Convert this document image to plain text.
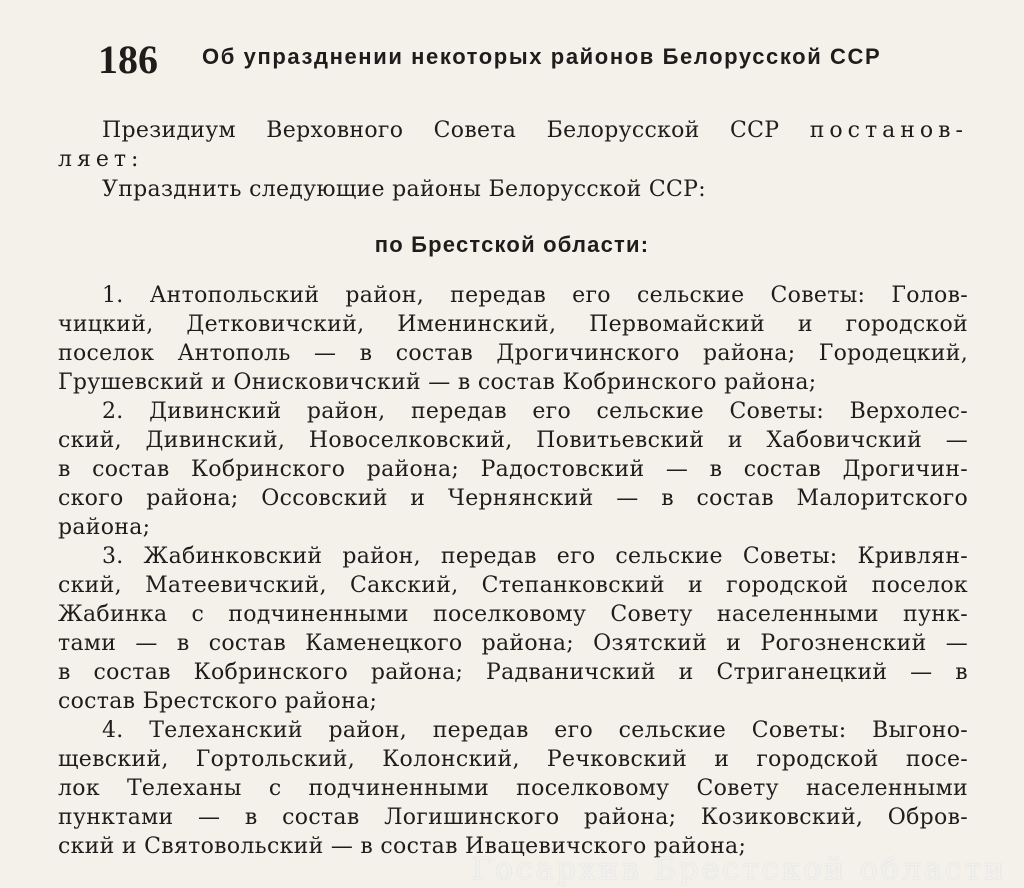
186 Об упразднении некоторых районов Белорусской ССР
Президиум Верховного Совета Белорусской ССР постанов-
ляет:
Упразднить следующие районы Белорусской ССР:
по Брестской области:
1. Антопольский район, передав его сельские Советы: Голов-
чицкий, Детковичский, Именинский, Первомайский и городской
поселок Антополь — в состав Дрогичинского района; Городецкий,
Грушевский и Онисковичский — в состав Кобринского района;
2. Дивинский район, передав его сельские Советы: Верхолес-
ский, Дивинский, Новоселковский, Повитьевский и Хабовичский —
в состав Кобринского района; Радостовский — в состав Дрогичин-
ского района; Оссовский и Чернянский — в состав Малоритского
района;
3. Жабинковский район, передав его сельские Советы: Кривлян-
ский, Матеевичский, Сакский, Степанковский и городской поселок
Жабинка с подчиненными поселковому Совету населенными пунк-
тами — в состав Каменецкого района; Озятский и Рогозненский —
в состав Кобринского района; Радваничский и Стриганецкий — в
состав Брестского района;
4. Телеханский район, передав его сельские Советы: Выгоно-
щевский, Гортольский, Колонский, Речковский и городской посе-
лок Телеханы с подчиненными поселковому Совету населенными
пунктами — в состав Логишинского района; Козиковский, Обров-
ский и Святовольский — в состав Ивацевичского района;
Госархив Брестской области
